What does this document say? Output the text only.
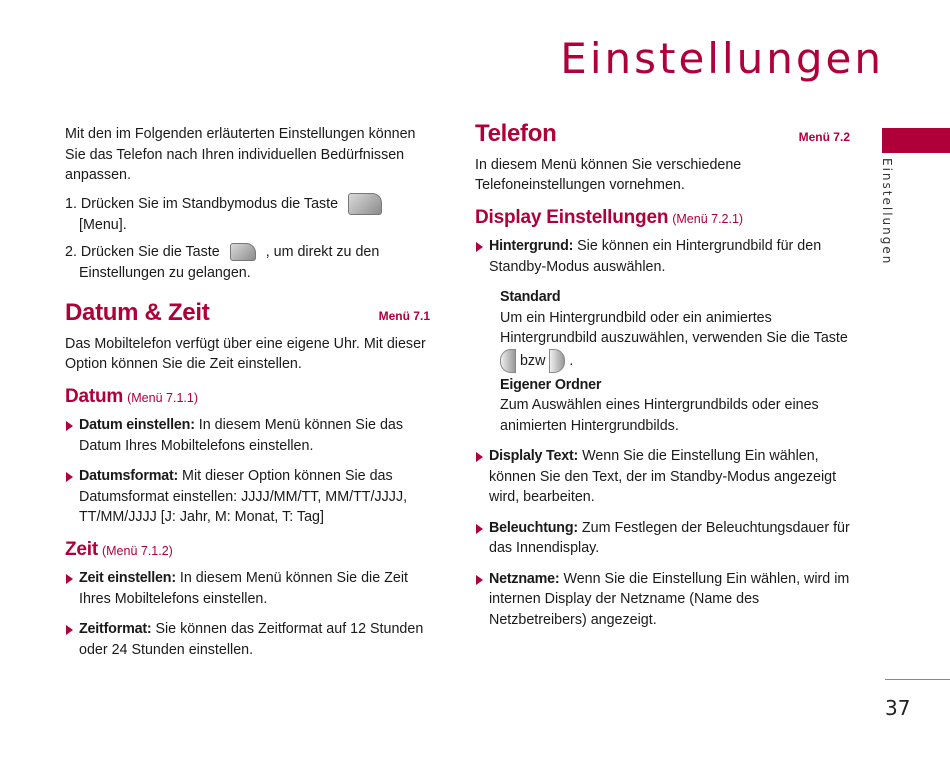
Einstellungen
Einstellungen
37

Mit den im Folgenden erläuterten Einstellungen können Sie das Telefon nach Ihren individuellen Bedürfnissen anpassen.

1. Drücken Sie im Standbymodus die Taste ✦
[Menu].

2. Drücken Sie die Taste 7	, um direkt zu den Einstellungen zu gelangen.

Datum & Zeit	Menü 7.1

Das Mobiltelefon verfügt über eine eigene Uhr. Mit dieser Option können Sie die Zeit einstellen.

Datum (Menü 7.1.1)

Datum einstellen: In diesem Menü können Sie das Datum Ihres Mobiltelefons einstellen.

Datumsformat: Mit dieser Option können Sie das Datumsformat einstellen: JJJJ/MM/TT, MM/TT/JJJJ, TT/MM/JJJJ [J: Jahr, M: Monat, T: Tag]

Zeit (Menü 7.1.2)

Zeit einstellen: In diesem Menü können Sie die Zeit Ihres Mobiltelefons einstellen.

Zeitformat: Sie können das Zeitformat auf 12 Stunden oder 24 Stunden einstellen.

Telefon	Menü 7.2

In diesem Menü können Sie verschiedene Telefoneinstellungen vornehmen.

Display Einstellungen (Menü 7.2.1)

Hintergrund: Sie können ein Hintergrundbild für den Standby-Modus auswählen.

Standard

Um ein Hintergrundbild oder ein animiertes Hintergrundbild auszuwählen, verwenden Sie die Taste  bzw .

Eigener Ordner

Zum Auswählen eines Hintergrundbilds oder eines animierten Hintergrundbilds.

Displaly Text: Wenn Sie die Einstellung Ein wählen, können Sie den Text, der im Standby-Modus angezeigt wird, bearbeiten.

Beleuchtung: Zum Festlegen der Beleuchtungsdauer für das Innendisplay.

Netzname: Wenn Sie die Einstellung Ein wählen, wird im internen Display der Netzname (Name des Netzbetreibers) angezeigt.
